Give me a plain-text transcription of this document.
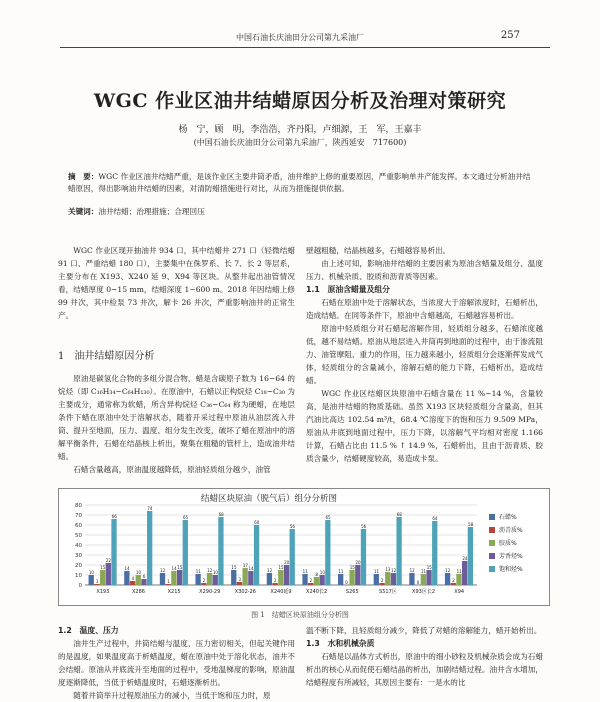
中国石油长庆油田分公司第九采油厂	257
WGC 作业区油井结蜡原因分析及治理对策研究
杨　宁，顾　明，李浩浩，齐丹阳，卢细源，王　军，王嘉丰
(中国石油长庆油田分公司第九采油厂，陕西延安　717600)
摘　要：WGC 作业区油井结蜡严重，是该作业区主要井筒矛盾，油井维护上修的重要原因，严重影响单井产能发挥。本文通过分析油井结蜡原因，得出影响油井结蜡的因素，对清防蜡措施进行对比，从而为措施提供依据。
关键词：油井结蜡；治理措施；合理回压

WGC 作业区现开抽油井 934 口，其中结蜡井 271 口（轻微结蜡 91 口、严重结蜡 180 口），主要集中在侏罗系、长 7、长 2 等层系，主要分布在 X193、X240 延 9、X94 等区块。从整井起出油管情况看，结蜡厚度 0~15 mm，结蜡深度 1~600 m。2018 年因结蜡上修 99 井次，其中检泵 73 井次，解卡 26 井次，严重影响油井的正常生产。

1　油井结蜡原因分析

原油是碳氢化合物的多组分混合物，蜡是含碳原子数为 16~64 的烷烃（即 C₁₆H₃₄~C₆₄H₁₃₀）。在原油中，石蜡以正构烷烃 C₁₈~C₃₀ 为主要成分，通常称为软蜡，所含异构烷烃 C₃₆~C₆₄ 称为硬蜡，在地层条件下蜡在原油中处于溶解状态，随着开采过程中原油从油层流入井筒、提升至地面，压力、温度、组分发生改变，破坏了蜡在原油中的溶解平衡条件，石蜡在结晶核上析出，聚集在粗糙的管杆上，造成油井结蜡。

石蜡含量越高，原油温度越降低，原油轻质组分越少，油管

壁越粗糙，结晶核越多，石蜡越容易析出。

由上述可知，影响油井结蜡的主要因素为原油含蜡量及组分、温度压力、机械杂质、胶质和沥青质等因素。

1.1　原油含蜡量及组分

石蜡在原油中处于溶解状态，当浓度大于溶解浓度时，石蜡析出，造成结蜡。在同等条件下，原油中含蜡越高，石蜡越容易析出。

原油中轻质组分对石蜡起溶解作用，轻质组分越多，石蜡浓度越低，越不易结蜡。原油从地层进入井筒再到地面的过程中，由于渗流阻力、油管摩阻、重力的作用，压力越来越小，轻质组分会逐渐挥发成气体，轻质组分的含量减小，溶解石蜡的能力下降，石蜡析出，造成结蜡。

WGC 作业区结蜡区块原油中石蜡含量在 11 %~14 %，含量较高，是油井结蜡的物质基础。虽然 X193 区块轻质组分含量高，但其汽油比高达 102.54 m³/t，68.4 ℃溶度下的饱和压力 9.509 MPa，原油从井底到地面过程中，压力下降，以溶解气平均相对密度 1.166 计算，石蜡占比由 11.5 % ↑ 14.9 %，石蜡析出，且由于沥青质、胶质含量少，结蜡硬度较高，易造成卡泵。

结蜡区块原油（脱气后）组分分析图
0
10
20
30
40
50
60
70
80
10
1
15
22
66
X193
14
4
10
6
74
X286
12
1
14 15
65
X215
11
2
12 10
68
X290-29
15
3
17
14
60
X302-26
12
2
15
20
56
X240延9
11
2
8 10
65
X240长2
11
0
15
20
56
S265
11
2
13 12
68
S517区
12
0
11
15
64
X93区长2
12
2
11
24
58
X94
石蜡%
沥青质%
胶质%
芳香烃%
饱和烃%
图 1　结蜡区块原油组分分析图

1.2　温度、压力

油井生产过程中，井筒结蜡与温度、压力密切相关，但起关键作用的是温度，如果温度高于析蜡温度，蜡在原油中处于溶化状态，油井不会结蜡。原油从井底流升至地面的过程中，受地温梯度的影响，原油温度逐渐降低，当低于析蜡温度时，石蜡逐渐析出。

随着井筒举升过程原油压力的减小，当低于饱和压力时，原

温不断下降，且轻质组分减少，降低了对蜡的溶解能力，蜡开始析出。

1.3　水和机械杂质

石蜡是以晶体方式析出，原油中的细小砂粒及机械杂质会成为石蜡析出的核心从而促使石蜡结晶的析出，加剧结蜡过程。油井含水增加，结蜡程度有所减轻，其原因主要有：一是水的比
